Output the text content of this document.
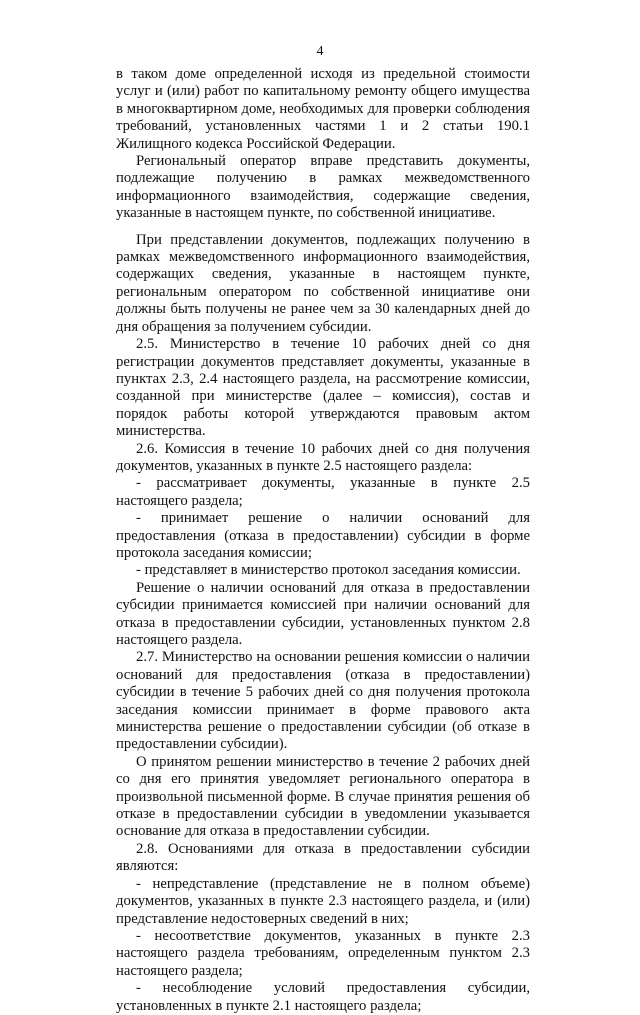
4

в таком доме определенной исходя из предельной стоимости услуг и (или) работ по капитальному ремонту общего имущества в многоквартирном доме, необходимых для проверки соблюдения требований, установленных частями 1 и 2 статьи 190.1 Жилищного кодекса Российской Федерации.

Региональный оператор вправе представить документы, подлежащие получению в рамках межведомственного информационного взаимодействия, содержащие сведения, указанные в настоящем пункте, по собственной инициативе.

При представлении документов, подлежащих получению в рамках межведомственного информационного взаимодействия, содержащих сведения, указанные в настоящем пункте, региональным оператором по собственной инициативе они должны быть получены не ранее чем за 30 календарных дней до дня обращения за получением субсидии.

2.5. Министерство в течение 10 рабочих дней со дня регистрации документов представляет документы, указанные в пунктах 2.3, 2.4 настоящего раздела, на рассмотрение комиссии, созданной при министерстве (далее – комиссия), состав и порядок работы которой утверждаются правовым актом министерства.

2.6. Комиссия в течение 10 рабочих дней со дня получения документов, указанных в пункте 2.5 настоящего раздела:

- рассматривает документы, указанные в пункте 2.5 настоящего раздела;

- принимает решение о наличии оснований для предоставления (отказа в предоставлении) субсидии в форме протокола заседания комиссии;

- представляет в министерство протокол заседания комиссии.

Решение о наличии оснований для отказа в предоставлении субсидии принимается комиссией при наличии оснований для отказа в предоставлении субсидии, установленных пунктом 2.8 настоящего раздела.

2.7. Министерство на основании решения комиссии о наличии оснований для предоставления (отказа в предоставлении) субсидии в течение 5 рабочих дней со дня получения протокола заседания комиссии принимает в форме правового акта министерства решение о предоставлении субсидии (об отказе в предоставлении субсидии).

О принятом решении министерство в течение 2 рабочих дней со дня его принятия уведомляет регионального оператора в произвольной письменной форме. В случае принятия решения об отказе в предоставлении субсидии в уведомлении указывается основание для отказа в предоставлении субсидии.

2.8. Основаниями для отказа в предоставлении субсидии являются:

- непредставление (представление не в полном объеме) документов, указанных в пункте 2.3 настоящего раздела, и (или) представление недостоверных сведений в них;

- несоответствие документов, указанных в пункте 2.3 настоящего раздела требованиям, определенным пунктом 2.3 настоящего раздела;

- несоблюдение условий предоставления субсидии, установленных в пункте 2.1 настоящего раздела;
